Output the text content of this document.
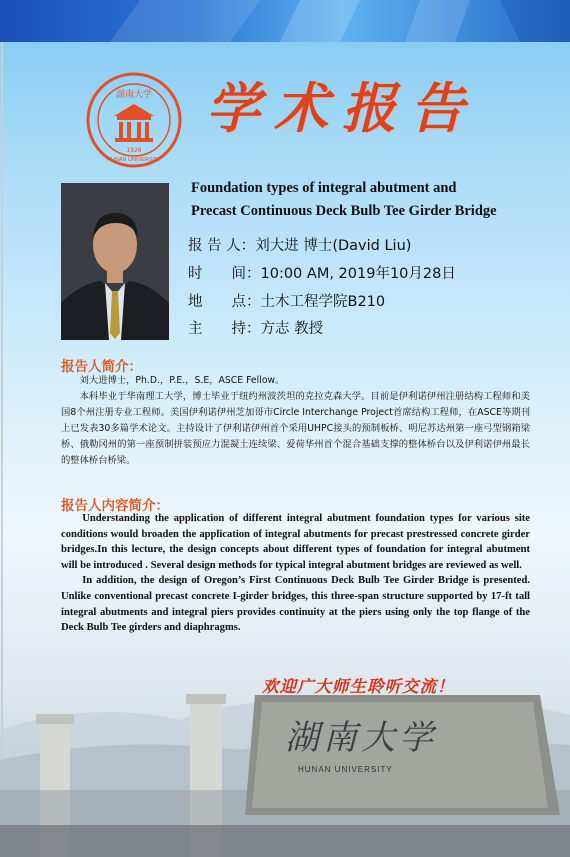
湖南大学
1926
HUNAN UNIVERSITY
学术报告
Foundation types of integral abutment and
Precast Continuous Deck Bulb Tee Girder Bridge
报 告 人：刘大进 博士(David Liu)
时　　间：10:00 AM, 2019年10月28日
地　　点：土木工程学院B210
主　　持：方志 教授
报告人简介：

刘大进博士，Ph.D.，P.E.，S.E，ASCE Fellow。

本科毕业于华南理工大学，博士毕业于纽约州波茨坦的克拉克森大学。目前是伊利诺伊州注册结构工程师和美国8个州注册专业工程师。美国伊利诺伊州芝加哥市Circle Interchange Project首席结构工程师，在ASCE等期刊上已发表30多篇学术论文。主持设计了伊利诺伊州首个采用UHPC接头的预制板桥、明尼苏达州第一座弓型钢箱梁桥、俄勒冈州的第一座预制拼装预应力混凝土连续梁、爱荷华州首个混合基础支撑的整体桥台以及伊利诺伊州最长的整体桥台桥梁。

报告人内容简介：

Understanding the application of different integral abutment foundation types for various site conditions would broaden the application of integral abutments for precast prestressed concrete girder bridges.In this lecture, the design concepts about different types of foundation for integral abutment will be introduced . Several design methods for typical integral abutment bridges are reviewed as well.

In addition, the design of Oregon’s First Continuous Deck Bulb Tee Girder Bridge is presented. Unlike conventional precast concrete I-girder bridges, this three-span structure supported by 17-ft tall integral abutments and integral piers provides continuity at the piers using only the top flange of the Deck Bulb Tee girders and diaphragms.

湖南大学
HUNAN UNIVERSITY
欢迎广大师生聆听交流！
